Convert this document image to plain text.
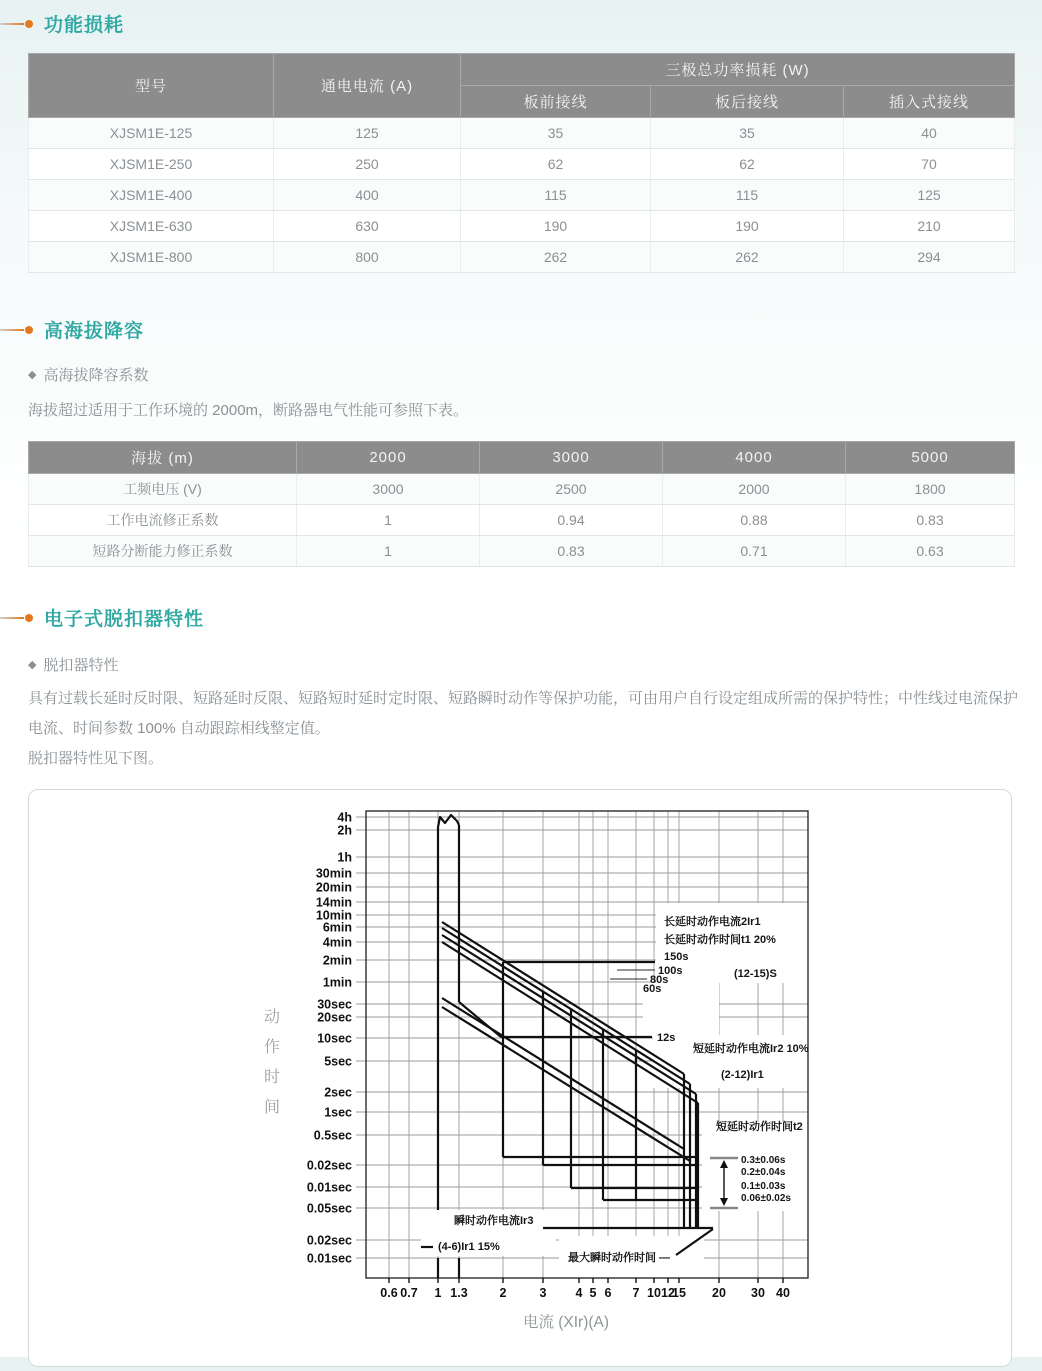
功能损耗
型号	通电电流 (A)	三极总功率损耗 (W)		
		板前接线	板后接线	插入式接线
XJSM1E-125	125	35	35	40
XJSM1E-250	250	62	62	70
XJSM1E-400	400	115	115	125
XJSM1E-630	630	190	190	210
XJSM1E-800	800	262	262	294
高海拔降容
◆ 高海拔降容系数
海拔超过适用于工作环境的 2000m，断路器电气性能可参照下表。
海拔 (m)	2000	3000	4000	5000
工频电压 (V)	3000	2500	2000	1800
工作电流修正系数	1	0.94	0.88	0.83
短路分断能力修正系数	1	0.83	0.71	0.63
电子式脱扣器特性
◆ 脱扣器特性
具有过载长延时反时限、短路延时反限、短路短时延时定时限、短路瞬时动作等保护功能，可由用户自行设定组成所需的保护特性；中性线过电流保护电流、时间参数 100% 自动跟踪相线整定值。
脱扣器特性见下图。
0.6 0.7 1 1.3	2	3 4 5 6 7 10 12
15 20 30 40
4h
2h
1h
30min
20min
14min
10min
6min
4min
2min
1min
30sec
20sec
10sec
5sec
2sec
1sec
0.5sec
0.02sec
0.01sec
0.05sec
0.02sec
0.01sec
电流 (XIr)(A)
动
作
时
间
长延时动作电流2Ir1
长延时动作时间t1 20%
150s
100s
80s
60s
(12-15)S
12s
短延时动作电流Ir2 10%
(2-12)Ir1
短延时动作时间t2
0.3±0.06s
0.2±0.04s
0.1±0.03s
0.06±0.02s
瞬时动作电流Ir3
(4-6)Ir1 15%
最大瞬时动作时间 —
